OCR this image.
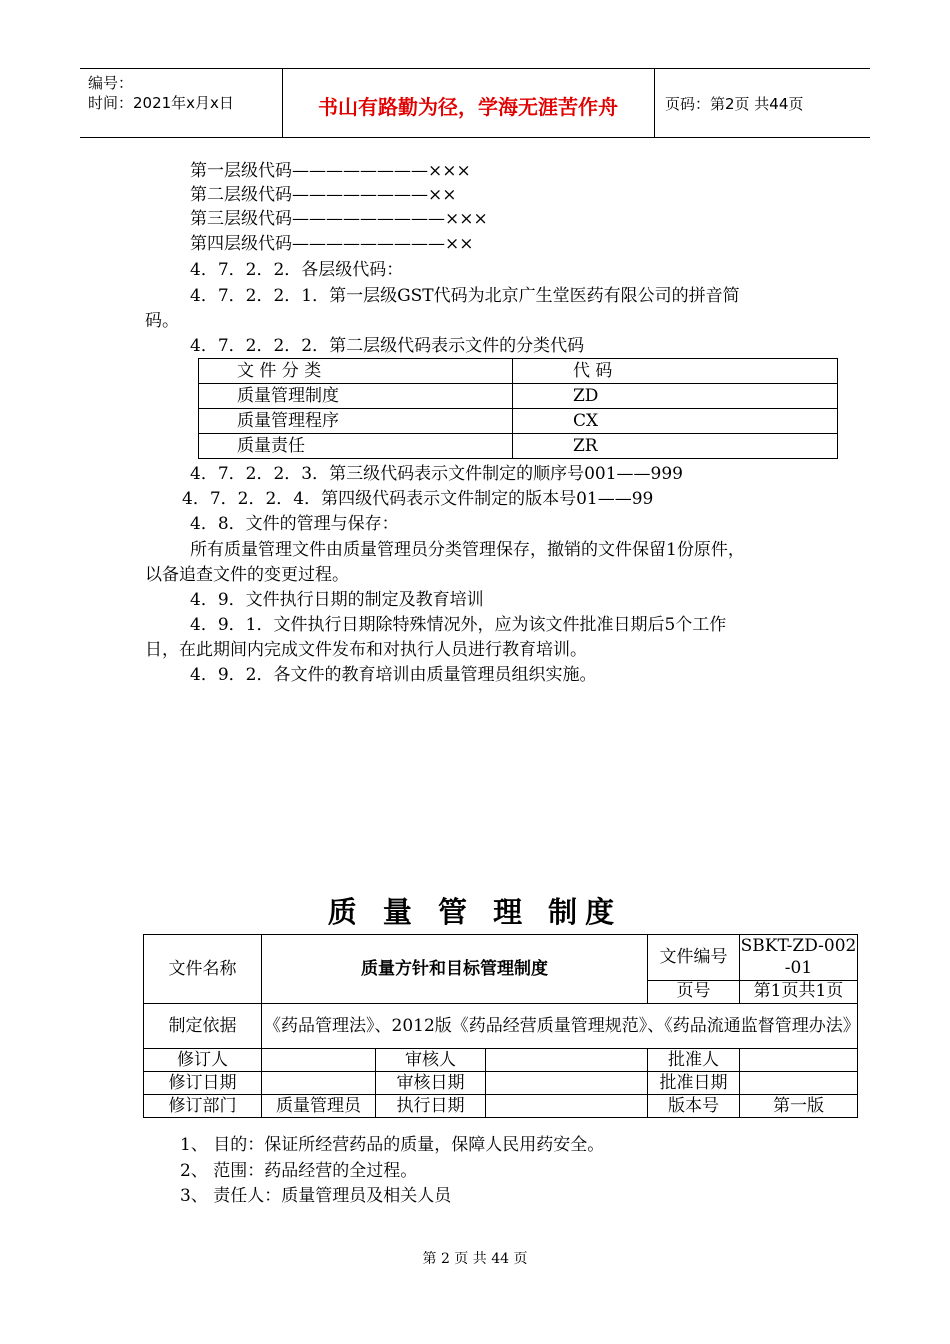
编号：
时间：2021年x月x日	书山有路勤为径，学海无涯苦作舟	页码：第2页 共44页
第一层级代码————————×××
第二层级代码————————××
第三层级代码—————————×××
第四层级代码—————————××
4．7．2．2．各层级代码：
4．7．2．2．1．第一层级GST代码为北京广生堂医药有限公司的拼音简
码。
4．7．2．2．2．第二层级代码表示文件的分类代码
文 件 分 类	代 码
质量管理制度	ZD
质量管理程序	CX
质量责任	ZR
4．7．2．2．3．第三级代码表示文件制定的顺序号001——999
4．7．2．2．4．第四级代码表示文件制定的版本号01——99
4．8．文件的管理与保存：
所有质量管理文件由质量管理员分类管理保存，撤销的文件保留1份原件，
以备追查文件的变更过程。
4．9．文件执行日期的制定及教育培训
4．9．1．文件执行日期除特殊情况外，应为该文件批准日期后5个工作
日，在此期间内完成文件发布和对执行人员进行教育培训。
4．9．2．各文件的教育培训由质量管理员组织实施。
质 量 管 理 制度
文件名称	质量方针和目标管理制度			文件编号	SBKT-ZD-002-01
				页号	第1页共1页
制定依据	《药品管理法》、2012版《药品经营质量管理规范》、《药品流通监督管理办法》				
修订人		审核人		批准人	
修订日期		审核日期		批准日期	
修订部门	质量管理员	执行日期		版本号	第一版
1、 目的：保证所经营药品的质量，保障人民用药安全。
2、 范围：药品经营的全过程。
3、 责任人：质量管理员及相关人员
第 2 页 共 44 页
